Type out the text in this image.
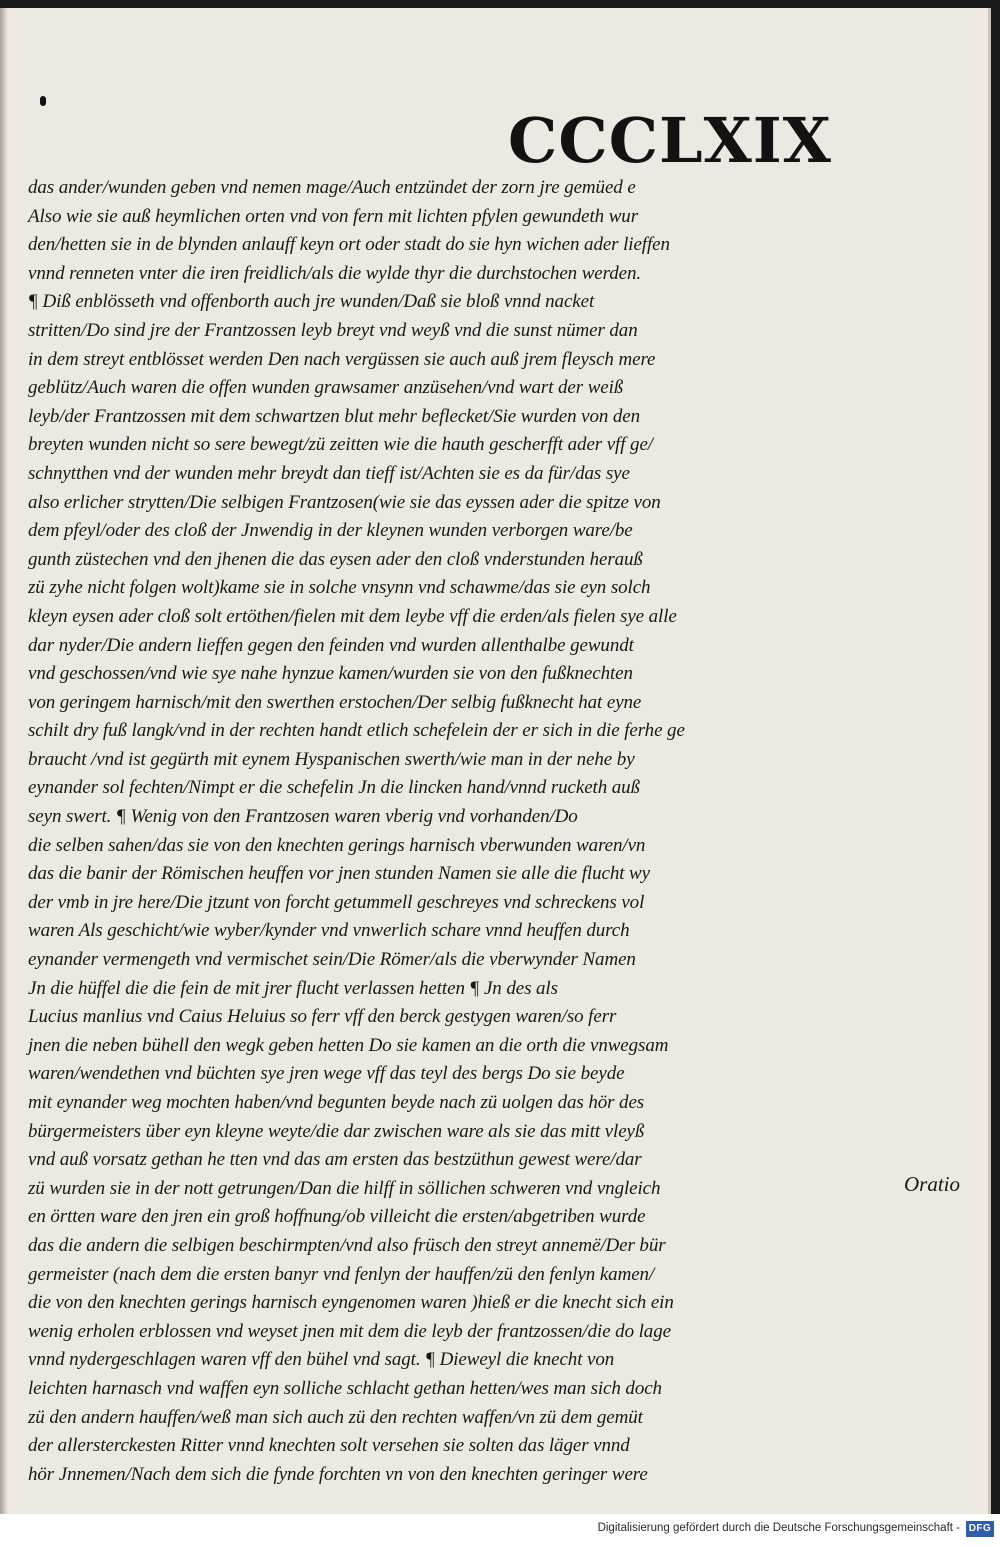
CCCLXIX
das ander/wunden geben vnd nemen mage/Auch entzündet der zorn jre gemüed e
Also wie sie auß heymlichen orten vnd von fern mit lichten pfylen gewundeth wur
den/hetten sie in de blynden anlauff keyn ort oder stadt do sie hyn wichen ader lieffen
vnnd renneten vnter die iren freidlich/als die wylde thyr die durchstochen werden.
¶ Diß enblösseth vnd offenborth auch jre wunden/Daß sie bloß vnnd nacket
stritten/Do sind jre der Frantzossen leyb breyt vnd weyß vnd die sunst nümer dan
in dem streyt entblösset werden Den nach vergüssen sie auch auß jrem fleysch mere
geblütz/Auch waren die offen wunden grawsamer anzüsehen/vnd wart der weiß
leyb/der Frantzossen mit dem schwartzen blut mehr beflecket/Sie wurden von den
breyten wunden nicht so sere bewegt/zü zeitten wie die hauth gescherfft ader vff ge/
schnytthen vnd der wunden mehr breydt dan tieff ist/Achten sie es da für/das sye
also erlicher strytten/Die selbigen Frantzosen(wie sie das eyssen ader die spitze von
dem pfeyl/oder des cloß der Jnwendig in der kleynen wunden verborgen ware/be
gunth züstechen vnd den jhenen die das eysen ader den cloß vnderstunden herauß
zü zyhe nicht folgen wolt)kame sie in solche vnsynn vnd schawme/das sie eyn solch
kleyn eysen ader cloß solt ertöthen/fielen mit dem leybe vff die erden/als fielen sye alle
dar nyder/Die andern lieffen gegen den feinden vnd wurden allenthalbe gewundt
vnd geschossen/vnd wie sye nahe hynzue kamen/wurden sie von den fußknechten
von geringem harnisch/mit den swerthen erstochen/Der selbig fußknecht hat eyne
schilt dry fuß langk/vnd in der rechten handt etlich schefelein der er sich in die ferhe ge
braucht /vnd ist gegürth mit eynem Hyspanischen swerth/wie man in der nehe by
eynander sol fechten/Nimpt er die schefelin Jn die lincken hand/vnnd rucketh auß
seyn swert. ¶ Wenig von den Frantzosen waren vberig vnd vorhanden/Do
die selben sahen/das sie von den knechten gerings harnisch vberwunden waren/vn
das die banir der Römischen heuffen vor jnen stunden Namen sie alle die flucht wy
der vmb in jre here/Die jtzunt von forcht getummell geschreyes vnd schreckens vol
waren Als geschicht/wie wyber/kynder vnd vnwerlich schare vnnd heuffen durch
eynander vermengeth vnd vermischet sein/Die Römer/als die vberwynder Namen
Jn die hüffel die die fein de mit jrer flucht verlassen hetten ¶ Jn des als
Lucius manlius vnd Caius Heluius so ferr vff den berck gestygen waren/so ferr
jnen die neben bühell den wegk geben hetten Do sie kamen an die orth die vnwegsam
waren/wendethen vnd büchten sye jren wege vff das teyl des bergs Do sie beyde
mit eynander weg mochten haben/vnd begunten beyde nach zü uolgen das hör des
bürgermeisters über eyn kleyne weyte/die dar zwischen ware als sie das mitt vleyß
vnd auß vorsatz gethan he tten vnd das am ersten das bestzüthun gewest were/dar
zü wurden sie in der nott getrungen/Dan die hilff in söllichen schweren vnd vngleich
en örtten ware den jren ein groß hoffnung/ob villeicht die ersten/abgetriben wurde
das die andern die selbigen beschirmpten/vnd also früsch den streyt annemë/Der bür
germeister (nach dem die ersten banyr vnd fenlyn der hauffen/zü den fenlyn kamen/
die von den knechten gerings harnisch eyngenomen waren )hieß er die knecht sich ein
wenig erholen erblossen vnd weyset jnen mit dem die leyb der frantzossen/die do lage
vnnd nydergeschlagen waren vff den bühel vnd sagt. ¶ Dieweyl die knecht von
leichten harnasch vnd waffen eyn solliche schlacht gethan hetten/wes man sich doch
zü den andern hauffen/weß man sich auch zü den rechten waffen/vn zü dem gemüt
der allersterckesten Ritter vnnd knechten solt versehen sie solten das läger vnnd
hör Jnnemen/Nach dem sich die fynde forchten vn von den knechten geringer were

Oratio

Digitalisierung gefördert durch die Deutsche Forschungsgemeinschaft - DFG
